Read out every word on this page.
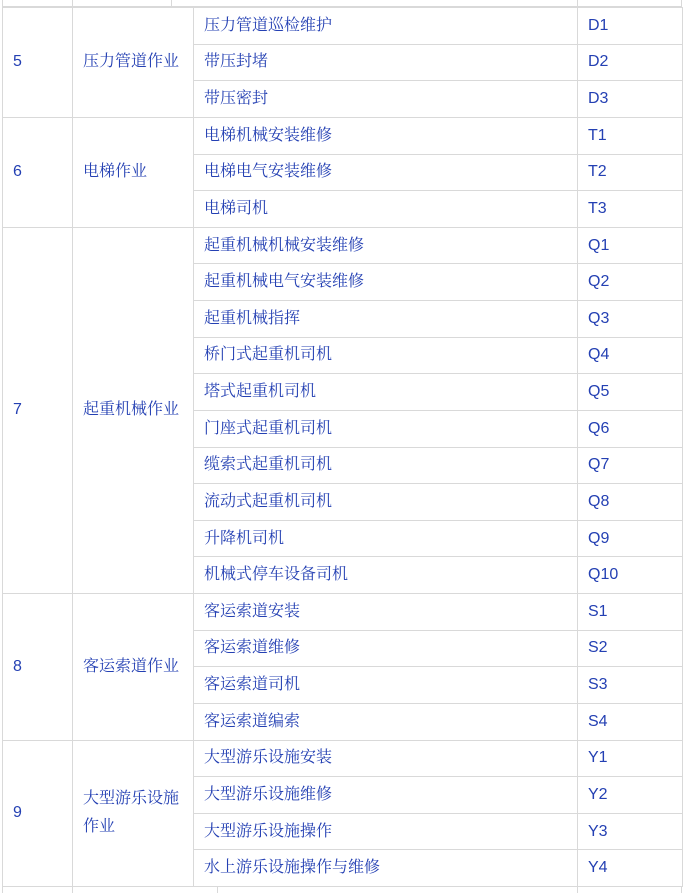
5	压力管道作业	压力管道巡检维护	D1
		带压封堵	D2
		带压密封	D3
6	电梯作业	电梯机械安装维修	T1
		电梯电气安装维修	T2
		电梯司机	T3
7	起重机械作业	起重机械机械安装维修	Q1
		起重机械电气安装维修	Q2
		起重机械指挥	Q3
		桥门式起重机司机	Q4
		塔式起重机司机	Q5
		门座式起重机司机	Q6
		缆索式起重机司机	Q7
		流动式起重机司机	Q8
		升降机司机	Q9
		机械式停车设备司机	Q10
8	客运索道作业	客运索道安装	S1
		客运索道维修	S2
		客运索道司机	S3
		客运索道编索	S4
9	大型游乐设施作业	大型游乐设施安装	Y1
		大型游乐设施维修	Y2
		大型游乐设施操作	Y3
		水上游乐设施操作与维修	Y4
